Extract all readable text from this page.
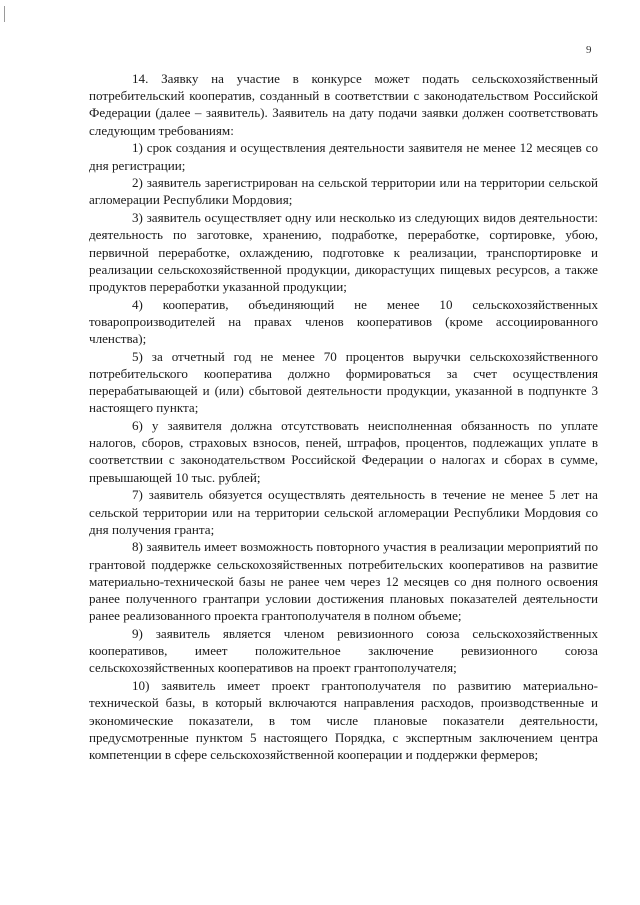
9

14. Заявку на участие в конкурсе может подать сельскохозяйственный потребительский кооператив, созданный в соответствии с законодательством Российской Федерации (далее – заявитель). Заявитель на дату подачи заявки должен соответствовать следующим требованиям:

1) срок создания и осуществления деятельности заявителя не менее 12 месяцев со дня регистрации;

2) заявитель зарегистрирован на сельской территории или на территории сельской агломерации Республики Мордовия;

3) заявитель осуществляет одну или несколько из следующих видов деятельности: деятельность по заготовке, хранению, подработке, переработке, сортировке, убою, первичной переработке, охлаждению, подготовке к реализации, транспортировке и реализации сельскохозяйственной продукции, дикорастущих пищевых ресурсов, а также продуктов переработки указанной продукции;

4) кооператив, объединяющий не менее 10 сельскохозяйственных товаропроизводителей на правах членов кооперативов (кроме ассоциированного членства);

5) за отчетный год не менее 70 процентов выручки сельскохозяйственного потребительского кооператива должно формироваться за счет осуществления перерабатывающей и (или) сбытовой деятельности продукции, указанной в подпункте 3 настоящего пункта;

6) у заявителя должна отсутствовать неисполненная обязанность по уплате налогов, сборов, страховых взносов, пеней, штрафов, процентов, подлежащих уплате в соответствии с законодательством Российской Федерации о налогах и сборах в сумме, превышающей 10 тыс. рублей;

7) заявитель обязуется осуществлять деятельность в течение не менее 5 лет на сельской территории или на территории сельской агломерации Республики Мордовия со дня получения гранта;

8) заявитель имеет возможность повторного участия в реализации мероприятий по грантовой поддержке сельскохозяйственных потребительских кооперативов на развитие материально-технической базы не ранее чем через 12 месяцев со дня полного освоения ранее полученного грантапри условии достижения плановых показателей деятельности ранее реализованного проекта грантополучателя в полном объеме;

9) заявитель является членом ревизионного союза сельскохозяйственных кооперативов, имеет положительное заключение ревизионного союза сельскохозяйственных кооперативов на проект грантополучателя;

10) заявитель имеет проект грантополучателя по развитию материально-технической базы, в который включаются направления расходов, производственные и экономические показатели, в том числе плановые показатели деятельности, предусмотренные пунктом 5 настоящего Порядка, с экспертным заключением центра компетенции в сфере сельскохозяйственной кооперации и поддержки фермеров;
